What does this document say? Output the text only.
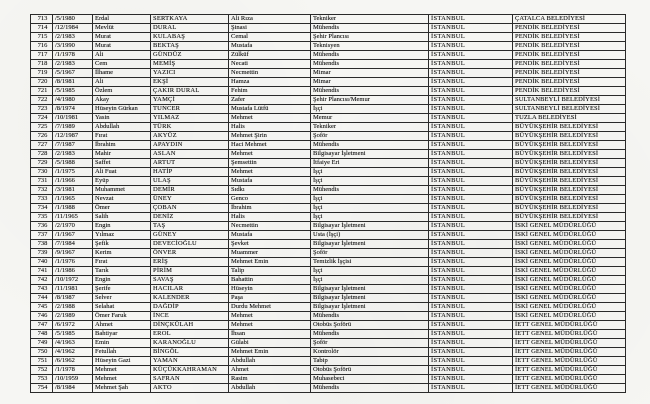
713	/5/1980	Erdal	SERTKAYA	Ali Rıza	Tekniker	İSTANBUL	ÇATALCA BELEDİYESİ
714	/12/1984	Mevlüt	DURAL	Şinasi	Mühendis	İSTANBUL	PENDİK BELEDİYESİ
715	/2/1983	Murat	KULABAŞ	Cemal	Şehir Plancısı	İSTANBUL	PENDİK BELEDİYESİ
716	/3/1990	Murat	BEKTAŞ	Mustafa	Teknisyen	İSTANBUL	PENDİK BELEDİYESİ
717	/1/1978	Ali	GÜNDÜZ	Zülküf	Mühendis	İSTANBUL	PENDİK BELEDİYESİ
718	/2/1983	Cem	MEMİŞ	Necati	Mühendis	İSTANBUL	PENDİK BELEDİYESİ
719	/5/1967	İlhame	YAZICI	Necmettin	Mimar	İSTANBUL	PENDİK BELEDİYESİ
720	/8/1981	Ali	EKŞİ	Hamza	Mimar	İSTANBUL	PENDİK BELEDİYESİ
721	/5/1985	Özlem	ÇAKIR DURAL	Fehim	Mühendis	İSTANBUL	PENDİK BELEDİYESİ
722	/4/1980	Akay	YAMÇİ	Zafer	Şehir Plancısı/Memur	İSTANBUL	SULTANBEYLİ BELEDİYESİ
723	/8/1974	Hüseyin Gürkan	TUNCER	Mustafa Lütfü	İşçi	İSTANBUL	SULTANBEYLİ BELEDİYESİ
724	/10/1981	Yasin	YILMAZ	Mehmet	Memur	İSTANBUL	TUZLA BELEDİYESİ
725	/7/1989	Abdullah	TÜRK	Halis	Tekniker	İSTANBUL	BÜYÜKŞEHİR BELEDİYESİ
726	/12/1987	Fırat	AKYÜZ	Mehmet Şirin	Şoför	İSTANBUL	BÜYÜKŞEHİR BELEDİYESİ
727	/7/1987	İbrahim	APAYDIN	Haci Mehmet	Mühendis	İSTANBUL	BÜYÜKŞEHİR BELEDİYESİ
728	/2/1983	Mahir	ASLAN	Mehmet	Bilgisayar İşletmeni	İSTANBUL	BÜYÜKŞEHİR BELEDİYESİ
729	/5/1988	Saffet	ARTUT	Şemsettin	İtfaiye Eri	İSTANBUL	BÜYÜKŞEHİR BELEDİYESİ
730	/1/1975	Ali Fuat	HATİP	Mehmet	İşçi	İSTANBUL	BÜYÜKŞEHİR BELEDİYESİ
731	/1/1966	Eyüp	ULAŞ	Mustafa	İşçi	İSTANBUL	BÜYÜKŞEHİR BELEDİYESİ
732	/3/1981	Muhammet	DEMİR	Sıdkı	Mühendis	İSTANBUL	BÜYÜKŞEHİR BELEDİYESİ
733	/1/1965	Nevzat	ÜNEY	Genco	İşçi	İSTANBUL	BÜYÜKŞEHİR BELEDİYESİ
734	/1/1988	Ömer	ÇOBAN	İbrahim	İşçi	İSTANBUL	BÜYÜKŞEHİR BELEDİYESİ
735	/11/1965	Salih	DENİZ	Halis	İşçi	İSTANBUL	BÜYÜKŞEHİR BELEDİYESİ
736	/2/1970	Engin	TAŞ	Necmettin	Bilgisayar İşletmeni	İSTANBUL	İSKİ GENEL MÜDÜRLÜĞÜ
737	/1/1967	Yılmaz	GÜNEY	Mustafa	Usta (İşçi)	İSTANBUL	İSKİ GENEL MÜDÜRLÜĞÜ
738	/7/1984	Şefik	DEVECİOĞLU	Şevket	Bilgisayar İşletmeni	İSTANBUL	İSKİ GENEL MÜDÜRLÜĞÜ
739	/9/1967	Kerim	ÖNVER	Muammer	Şoför	İSTANBUL	İSKİ GENEL MÜDÜRLÜĞÜ
740	/1/1976	Fırat	ERİŞ	Mehmet Emin	Temizlik İşçisi	İSTANBUL	İSKİ GENEL MÜDÜRLÜĞÜ
741	/1/1986	Tarık	PİRİM	Talip	İşçi	İSTANBUL	İSKİ GENEL MÜDÜRLÜĞÜ
742	/10/1972	Engin	SAVAŞ	Bahattin	İşçi	İSTANBUL	İSKİ GENEL MÜDÜRLÜĞÜ
743	/11/1981	Şerife	HACILAR	Hüseyin	Bilgisayar İşletmeni	İSTANBUL	İSKİ GENEL MÜDÜRLÜĞÜ
744	/8/1987	Selver	KALENDER	Paşa	Bilgisayar İşletmeni	İSTANBUL	İSKİ GENEL MÜDÜRLÜĞÜ
745	/2/1988	Selahat	DAĞDİP	Durdu Mehmet	Bilgisayar İşletmeni	İSTANBUL	İSKİ GENEL MÜDÜRLÜĞÜ
746	/2/1989	Ömer Faruk	İNCE	Mehmet	Mühendis	İSTANBUL	İSKİ GENEL MÜDÜRLÜĞÜ
747	/6/1972	Ahmet	DİNÇKÜLAH	Mehmet	Otobüs Şoförü	İSTANBUL	İETT GENEL MÜDÜRLÜĞÜ
748	/5/1985	Bahtiyar	EROL	İhsan	Mühendis	İSTANBUL	İETT GENEL MÜDÜRLÜĞÜ
749	/4/1963	Emin	KARANOĞLU	Gülabi	Şoför	İSTANBUL	İETT GENEL MÜDÜRLÜĞÜ
750	/4/1962	Fetullah	BİNGÖL	Mehmet Emin	Kontrolör	İSTANBUL	İETT GENEL MÜDÜRLÜĞÜ
751	/6/1962	Hüseyin Gazi	YAMAN	Abdullah	Tabip	İSTANBUL	İETT GENEL MÜDÜRLÜĞÜ
752	/1/1978	Mehmet	KÜÇÜKKAHRAMAN	Ahmet	Otobüs Şoförü	İSTANBUL	İETT GENEL MÜDÜRLÜĞÜ
753	/10/1959	Mehmet	SAFRAN	Rasim	Muhasebeci	İSTANBUL	İETT GENEL MÜDÜRLÜĞÜ
754	/8/1984	Mehmet Şah	AKTO	Abdullah	Mühendis	İSTANBUL	İETT GENEL MÜDÜRLÜĞÜ
